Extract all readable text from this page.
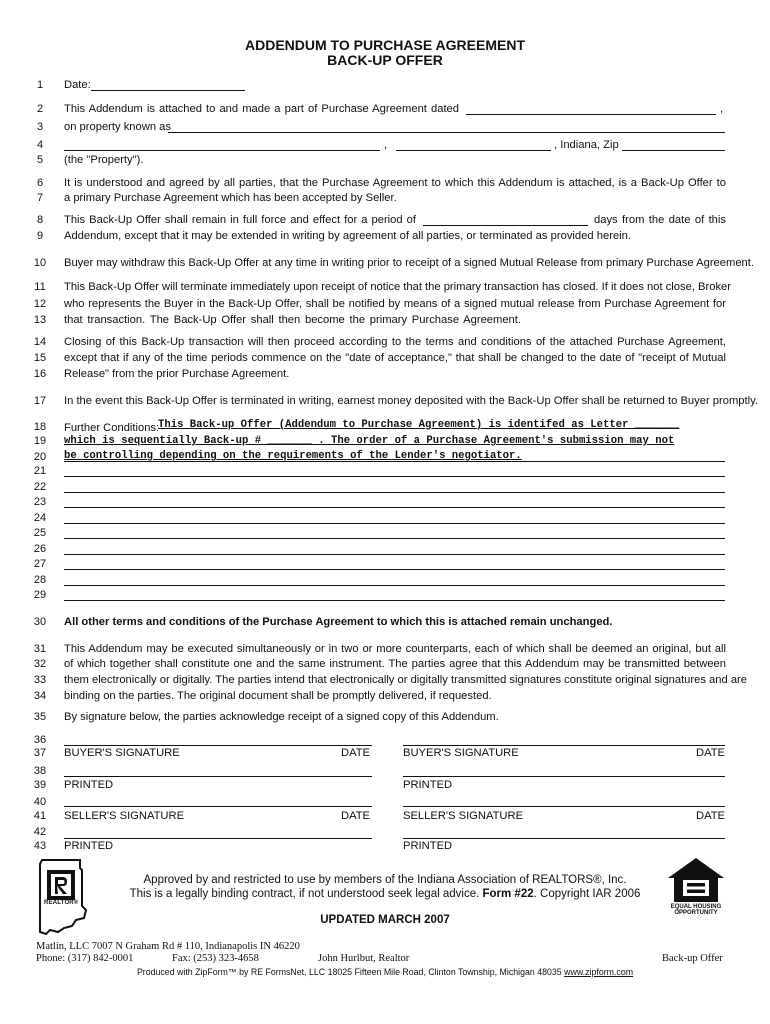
ADDENDUM TO PURCHASE AGREEMENT
BACK-UP OFFER
1
2
3
4
5
6
7
8
9
10
11
12
13
14
15
16
17
18
19
20
21
22
23
24
25
26
27
28
29
30
31
32
33
34
35
36
37
38
39
40
41
42
43
Date:
This Addendum is attached to and made a part of Purchase Agreement dated	,
on property known as
,	, Indiana, Zip
(the "Property").
It is understood and agreed by all parties, that the Purchase Agreement to which this Addendum is attached, is a Back-Up Offer to
a primary Purchase Agreement which has been accepted by Seller.
This Back-Up Offer shall remain in full force and effect for a period of	days from the date of this
Addendum, except that it may be extended in writing by agreement of all parties, or terminated as provided herein.
Buyer may withdraw this Back-Up Offer at any time in writing prior to receipt of a signed Mutual Release from primary Purchase Agreement.
This Back-Up Offer will terminate immediately upon receipt of notice that the primary transaction has closed. If it does not close, Broker
who represents the Buyer in the Back-Up Offer, shall be notified by means of a signed mutual release from Purchase Agreement for
that transaction. The Back-Up Offer shall then become the primary Purchase Agreement.
Closing of this Back-Up transaction will then proceed according to the terms and conditions of the attached Purchase Agreement,
except that if any of the time periods commence on the "date of acceptance," that shall be changed to the date of "receipt of Mutual
Release" from the prior Purchase Agreement.
In the event this Back-Up Offer is terminated in writing, earnest money deposited with the Back-Up Offer shall be returned to Buyer promptly.
Further Conditions:
This Back-up Offer (Addendum to Purchase Agreement) is identifed as Letter _______
which is sequentially Back-up # _______ . The order of a Purchase Agreement's submission may not
be controlling depending on the requirements of the Lender's negotiator.
All other terms and conditions of the Purchase Agreement to which this is attached remain unchanged.
This Addendum may be executed simultaneously or in two or more counterparts, each of which shall be deemed an original, but all
of which together shall constitute one and the same instrument. The parties agree that this Addendum may be transmitted between
them electronically or digitally. The parties intend that electronically or digitally transmitted signatures constitute original signatures and are
binding on the parties. The original document shall be promptly delivered, if requested.
By signature below, the parties acknowledge receipt of a signed copy of this Addendum.
BUYER'S SIGNATURE	DATE	BUYER'S SIGNATURE	DATE
PRINTED	PRINTED
SELLER'S SIGNATURE	DATE	SELLER'S SIGNATURE	DATE
PRINTED	PRINTED
REALTOR®
Approved by and restricted to use by members of the Indiana Association of REALTORS®, Inc.
This is a legally binding contract, if not understood seek legal advice. Form #22. Copyright IAR 2006
EQUAL HOUSING
OPPORTUNITY
UPDATED MARCH 2007
Matlin, LLC 7007 N Graham Rd # 110, Indianapolis IN 46220
Phone: (317) 842-0001	Fax: (253) 323-4658	John Hurlbut, Realtor	Back-up Offer
Produced with ZipForm™ by RE FormsNet, LLC 18025 Fifteen Mile Road, Clinton Township, Michigan 48035 www.zipform.com
